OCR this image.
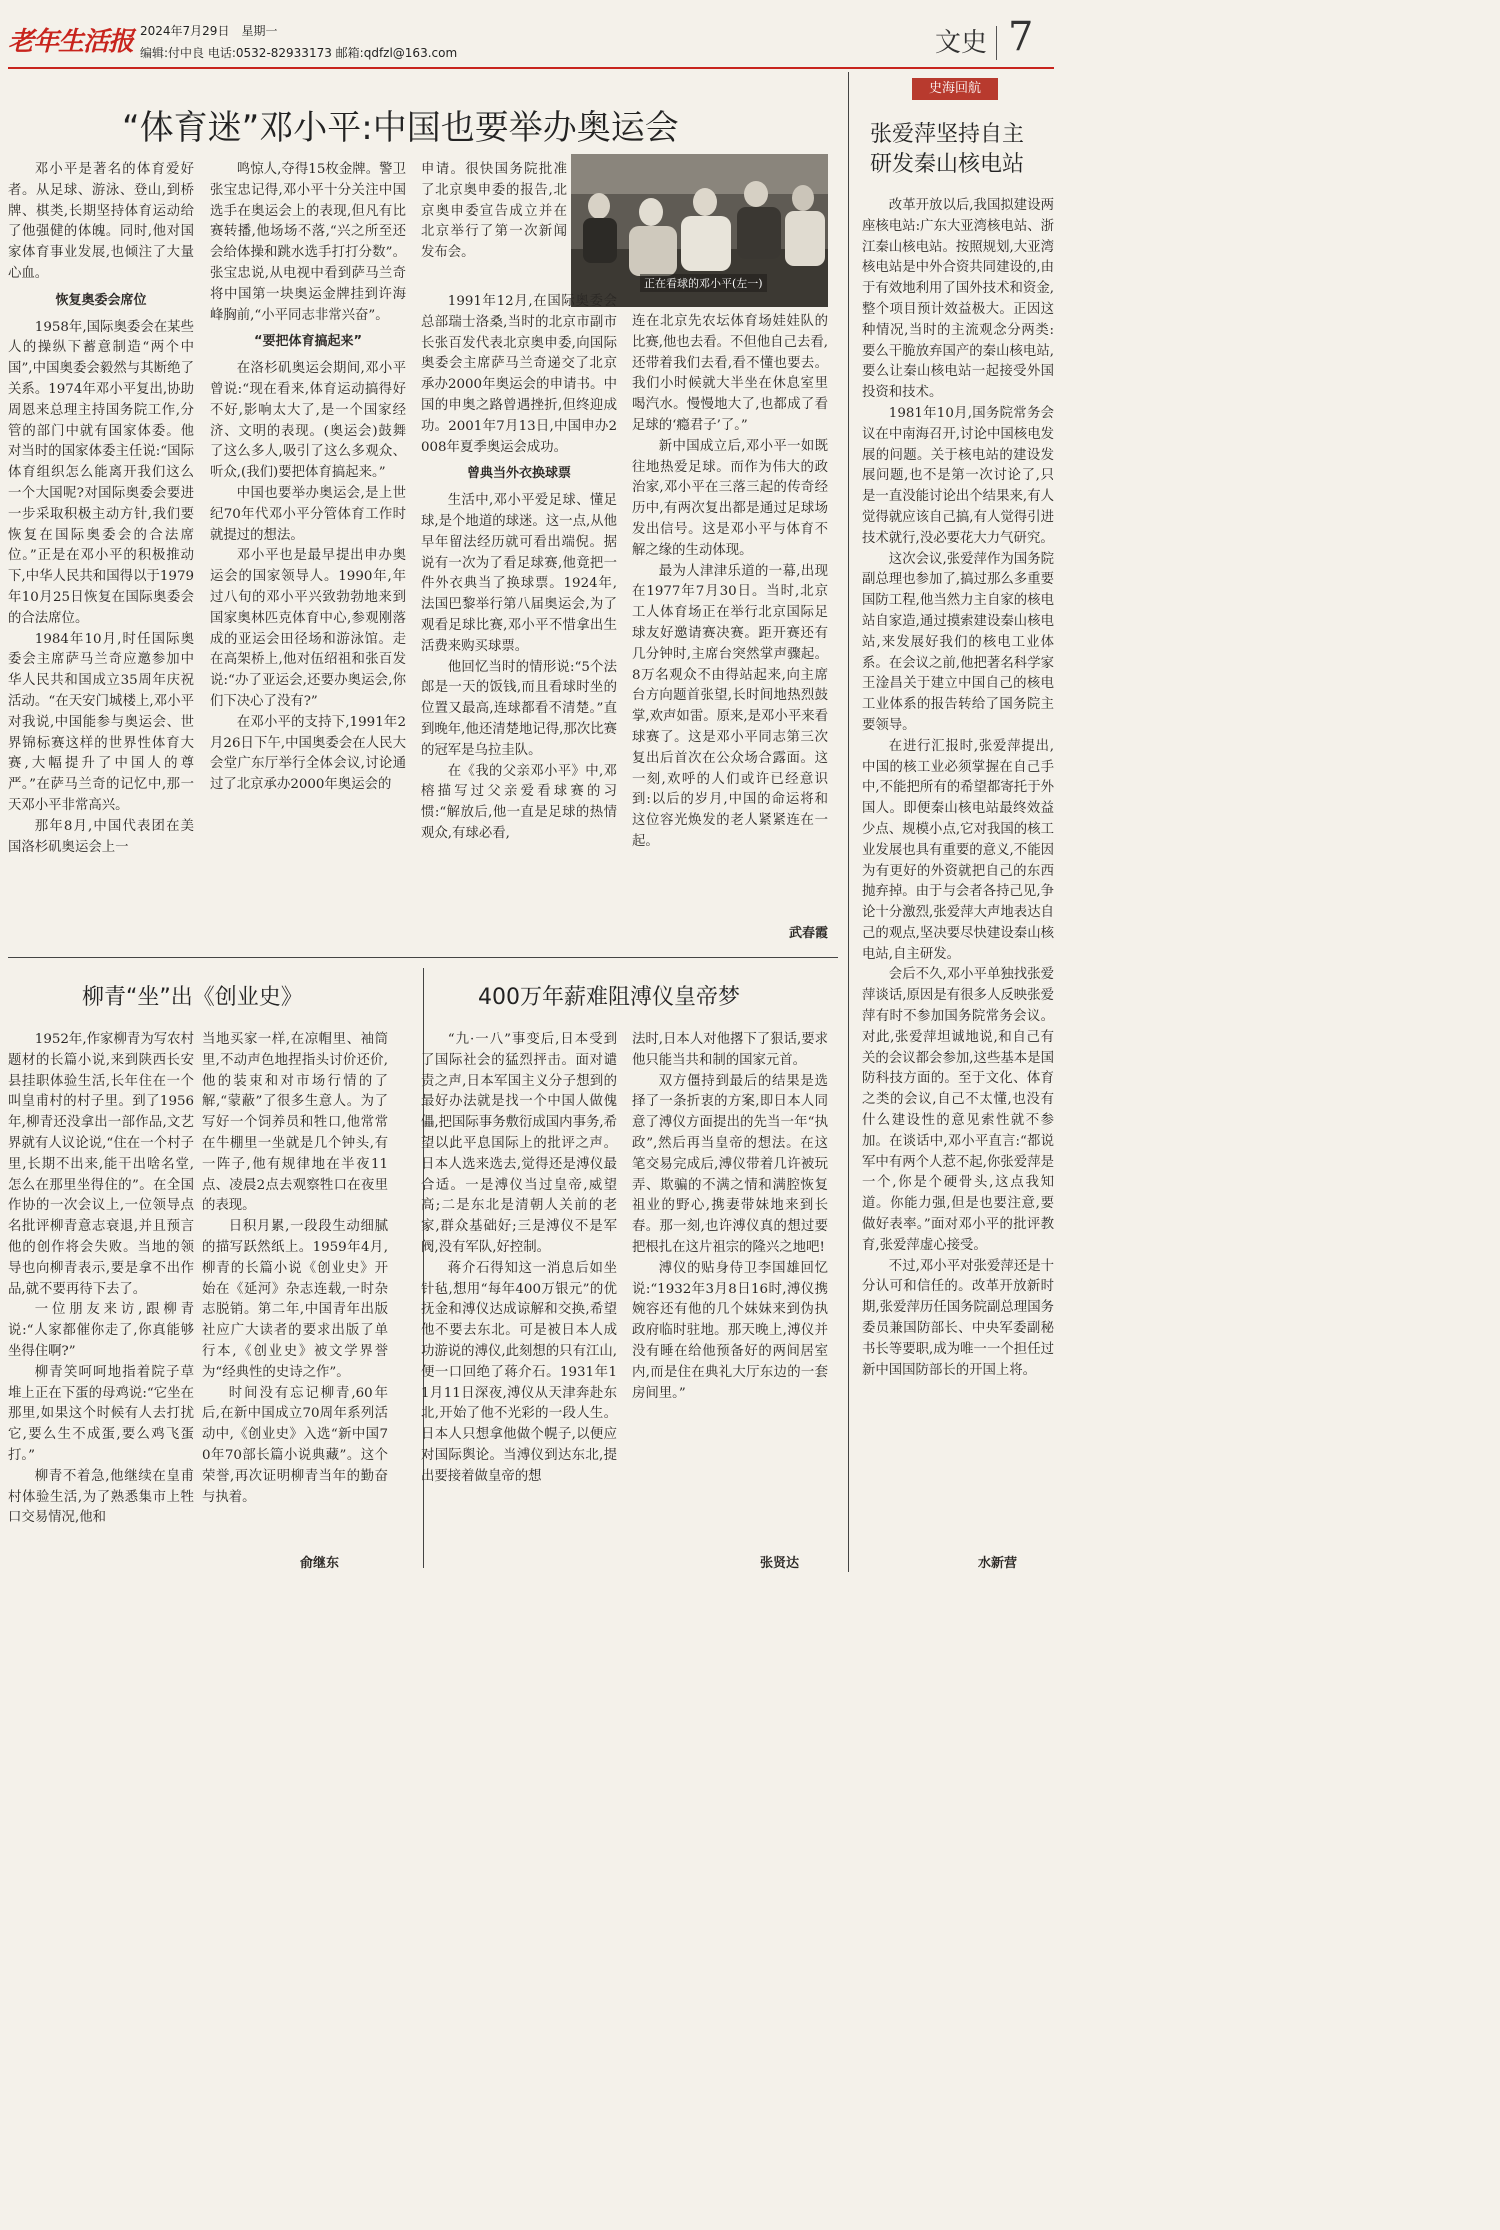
老年生活报 2024年7月29日　星期一
编辑:付中良 电话:0532-82933173 邮箱:qdfzl@163.com	文史 7
“体育迷”邓小平:中国也要举办奥运会

邓小平是著名的体育爱好者。从足球、游泳、登山,到桥牌、棋类,长期坚持体育运动给了他强健的体魄。同时,他对国家体育事业发展,也倾注了大量心血。

恢复奥委会席位

1958年,国际奥委会在某些人的操纵下蓄意制造“两个中国”,中国奥委会毅然与其断绝了关系。1974年邓小平复出,协助周恩来总理主持国务院工作,分管的部门中就有国家体委。他对当时的国家体委主任说:“国际体育组织怎么能离开我们这么一个大国呢?对国际奥委会要进一步采取积极主动方针,我们要恢复在国际奥委会的合法席位。”正是在邓小平的积极推动下,中华人民共和国得以于1979年10月25日恢复在国际奥委会的合法席位。

1984年10月,时任国际奥委会主席萨马兰奇应邀参加中华人民共和国成立35周年庆祝活动。“在天安门城楼上,邓小平对我说,中国能参与奥运会、世界锦标赛这样的世界性体育大赛,大幅提升了中国人的尊严。”在萨马兰奇的记忆中,那一天邓小平非常高兴。

那年8月,中国代表团在美国洛杉矶奥运会上一

鸣惊人,夺得15枚金牌。警卫张宝忠记得,邓小平十分关注中国选手在奥运会上的表现,但凡有比赛转播,他场场不落,“兴之所至还会给体操和跳水选手打打分数”。张宝忠说,从电视中看到萨马兰奇将中国第一块奥运金牌挂到许海峰胸前,“小平同志非常兴奋”。

“要把体育搞起来”

在洛杉矶奥运会期间,邓小平曾说:“现在看来,体育运动搞得好不好,影响太大了,是一个国家经济、文明的表现。(奥运会)鼓舞了这么多人,吸引了这么多观众、听众,(我们)要把体育搞起来。”

中国也要举办奥运会,是上世纪70年代邓小平分管体育工作时就提过的想法。

邓小平也是最早提出申办奥运会的国家领导人。1990年,年过八旬的邓小平兴致勃勃地来到国家奥林匹克体育中心,参观刚落成的亚运会田径场和游泳馆。走在高架桥上,他对伍绍祖和张百发说:“办了亚运会,还要办奥运会,你们下决心了没有?”

在邓小平的支持下,1991年2月26日下午,中国奥委会在人民大会堂广东厅举行全体会议,讨论通过了北京承办2000年奥运会的

申请。很快国务院批准了北京奥申委的报告,北京奥申委宣告成立并在北京举行了第一次新闻发布会。

正在看球的邓小平(左一)

1991年12月,在国际奥委会总部瑞士洛桑,当时的北京市副市长张百发代表北京奥申委,向国际奥委会主席萨马兰奇递交了北京承办2000年奥运会的申请书。中国的申奥之路曾遇挫折,但终迎成功。2001年7月13日,中国申办2008年夏季奥运会成功。

曾典当外衣换球票

生活中,邓小平爱足球、懂足球,是个地道的球迷。这一点,从他早年留法经历就可看出端倪。据说有一次为了看足球赛,他竟把一件外衣典当了换球票。1924年,法国巴黎举行第八届奥运会,为了观看足球比赛,邓小平不惜拿出生活费来购买球票。

他回忆当时的情形说:“5个法郎是一天的饭钱,而且看球时坐的位置又最高,连球都看不清楚。”直到晚年,他还清楚地记得,那次比赛的冠军是乌拉圭队。

在《我的父亲邓小平》中,邓榕描写过父亲爱看球赛的习惯:“解放后,他一直是足球的热情观众,有球必看,

连在北京先农坛体育场娃娃队的比赛,他也去看。不但他自己去看,还带着我们去看,看不懂也要去。我们小时候就大半坐在休息室里喝汽水。慢慢地大了,也都成了看足球的‘瘾君子’了。”

新中国成立后,邓小平一如既往地热爱足球。而作为伟大的政治家,邓小平在三落三起的传奇经历中,有两次复出都是通过足球场发出信号。这是邓小平与体育不解之缘的生动体现。

最为人津津乐道的一幕,出现在1977年7月30日。当时,北京工人体育场正在举行北京国际足球友好邀请赛决赛。距开赛还有几分钟时,主席台突然掌声骤起。8万名观众不由得站起来,向主席台方向题首张望,长时间地热烈鼓掌,欢声如雷。原来,是邓小平来看球赛了。这是邓小平同志第三次复出后首次在公众场合露面。这一刻,欢呼的人们或许已经意识到:以后的岁月,中国的命运将和这位容光焕发的老人紧紧连在一起。

武春霞
柳青“坐”出《创业史》

1952年,作家柳青为写农村题材的长篇小说,来到陕西长安县挂职体验生活,长年住在一个叫皇甫村的村子里。到了1956年,柳青还没拿出一部作品,文艺界就有人议论说,“住在一个村子里,长期不出来,能干出啥名堂,怎么在那里坐得住的”。在全国作协的一次会议上,一位领导点名批评柳青意志衰退,并且预言他的创作将会失败。当地的领导也向柳青表示,要是拿不出作品,就不要再待下去了。

一位朋友来访,跟柳青说:“人家都催你走了,你真能够坐得住啊?”

柳青笑呵呵地指着院子草堆上正在下蛋的母鸡说:“它坐在那里,如果这个时候有人去打扰它,要么生不成蛋,要么鸡飞蛋打。”

柳青不着急,他继续在皇甫村体验生活,为了熟悉集市上牲口交易情况,他和

当地买家一样,在凉帽里、袖筒里,不动声色地捏指头讨价还价,他的装束和对市场行情的了解,“蒙蔽”了很多生意人。为了写好一个饲养员和牲口,他常常在牛棚里一坐就是几个钟头,有一阵子,他有规律地在半夜11点、凌晨2点去观察牲口在夜里的表现。

日积月累,一段段生动细腻的描写跃然纸上。1959年4月,柳青的长篇小说《创业史》开始在《延河》杂志连载,一时杂志脱销。第二年,中国青年出版社应广大读者的要求出版了单行本,《创业史》被文学界誉为“经典性的史诗之作”。

时间没有忘记柳青,60年后,在新中国成立70周年系列活动中,《创业史》入选“新中国70年70部长篇小说典藏”。这个荣誉,再次证明柳青当年的勤奋与执着。

俞继东
400万年薪难阻溥仪皇帝梦

“九·一八”事变后,日本受到了国际社会的猛烈抨击。面对谴责之声,日本军国主义分子想到的最好办法就是找一个中国人做傀儡,把国际事务敷衍成国内事务,希望以此平息国际上的批评之声。日本人选来选去,觉得还是溥仪最合适。一是溥仪当过皇帝,威望高;二是东北是清朝人关前的老家,群众基础好;三是溥仪不是军阀,没有军队,好控制。

蒋介石得知这一消息后如坐针毡,想用“每年400万银元”的优抚金和溥仪达成谅解和交换,希望他不要去东北。可是被日本人成功游说的溥仪,此刻想的只有江山,便一口回绝了蒋介石。1931年11月11日深夜,溥仪从天津奔赴东北,开始了他不光彩的一段人生。日本人只想拿他做个幌子,以便应对国际舆论。当溥仪到达东北,提出要接着做皇帝的想

法时,日本人对他撂下了狠话,要求他只能当共和制的国家元首。

双方僵持到最后的结果是选择了一条折衷的方案,即日本人同意了溥仪方面提出的先当一年“执政”,然后再当皇帝的想法。在这笔交易完成后,溥仪带着几许被玩弄、欺骗的不满之情和满腔恢复祖业的野心,携妻带妹地来到长春。那一刻,也许溥仪真的想过要把根扎在这片祖宗的隆兴之地吧!

溥仪的贴身侍卫李国雄回忆说:“1932年3月8日16时,溥仪携婉容还有他的几个妹妹来到伪执政府临时驻地。那天晚上,溥仪并没有睡在给他预备好的两间居室内,而是住在典礼大厅东边的一套房间里。”

张贤达
史海回航
张爱萍坚持自主
研发秦山核电站

改革开放以后,我国拟建设两座核电站:广东大亚湾核电站、浙江秦山核电站。按照规划,大亚湾核电站是中外合资共同建设的,由于有效地利用了国外技术和资金,整个项目预计效益极大。正因这种情况,当时的主流观念分两类:要么干脆放弃国产的秦山核电站,要么让秦山核电站一起接受外国投资和技术。

1981年10月,国务院常务会议在中南海召开,讨论中国核电发展的问题。关于核电站的建设发展问题,也不是第一次讨论了,只是一直没能讨论出个结果来,有人觉得就应该自己搞,有人觉得引进技术就行,没必要花大力气研究。

这次会议,张爱萍作为国务院副总理也参加了,搞过那么多重要国防工程,他当然力主自家的核电站自家造,通过摸索建设秦山核电站,来发展好我们的核电工业体系。在会议之前,他把著名科学家王淦昌关于建立中国自己的核电工业体系的报告转给了国务院主要领导。

在进行汇报时,张爱萍提出,中国的核工业必须掌握在自己手中,不能把所有的希望都寄托于外国人。即便秦山核电站最终效益少点、规模小点,它对我国的核工业发展也具有重要的意义,不能因为有更好的外资就把自己的东西抛弃掉。由于与会者各持己见,争论十分激烈,张爱萍大声地表达自己的观点,坚决要尽快建设秦山核电站,自主研发。

会后不久,邓小平单独找张爱萍谈话,原因是有很多人反映张爱萍有时不参加国务院常务会议。对此,张爱萍坦诚地说,和自己有关的会议都会参加,这些基本是国防科技方面的。至于文化、体育之类的会议,自己不太懂,也没有什么建设性的意见索性就不参加。在谈话中,邓小平直言:“都说军中有两个人惹不起,你张爱萍是一个,你是个硬骨头,这点我知道。你能力强,但是也要注意,要做好表率。”面对邓小平的批评教育,张爱萍虚心接受。

不过,邓小平对张爱萍还是十分认可和信任的。改革开放新时期,张爱萍历任国务院副总理国务委员兼国防部长、中央军委副秘书长等要职,成为唯一一个担任过新中国国防部长的开国上将。

水新营
